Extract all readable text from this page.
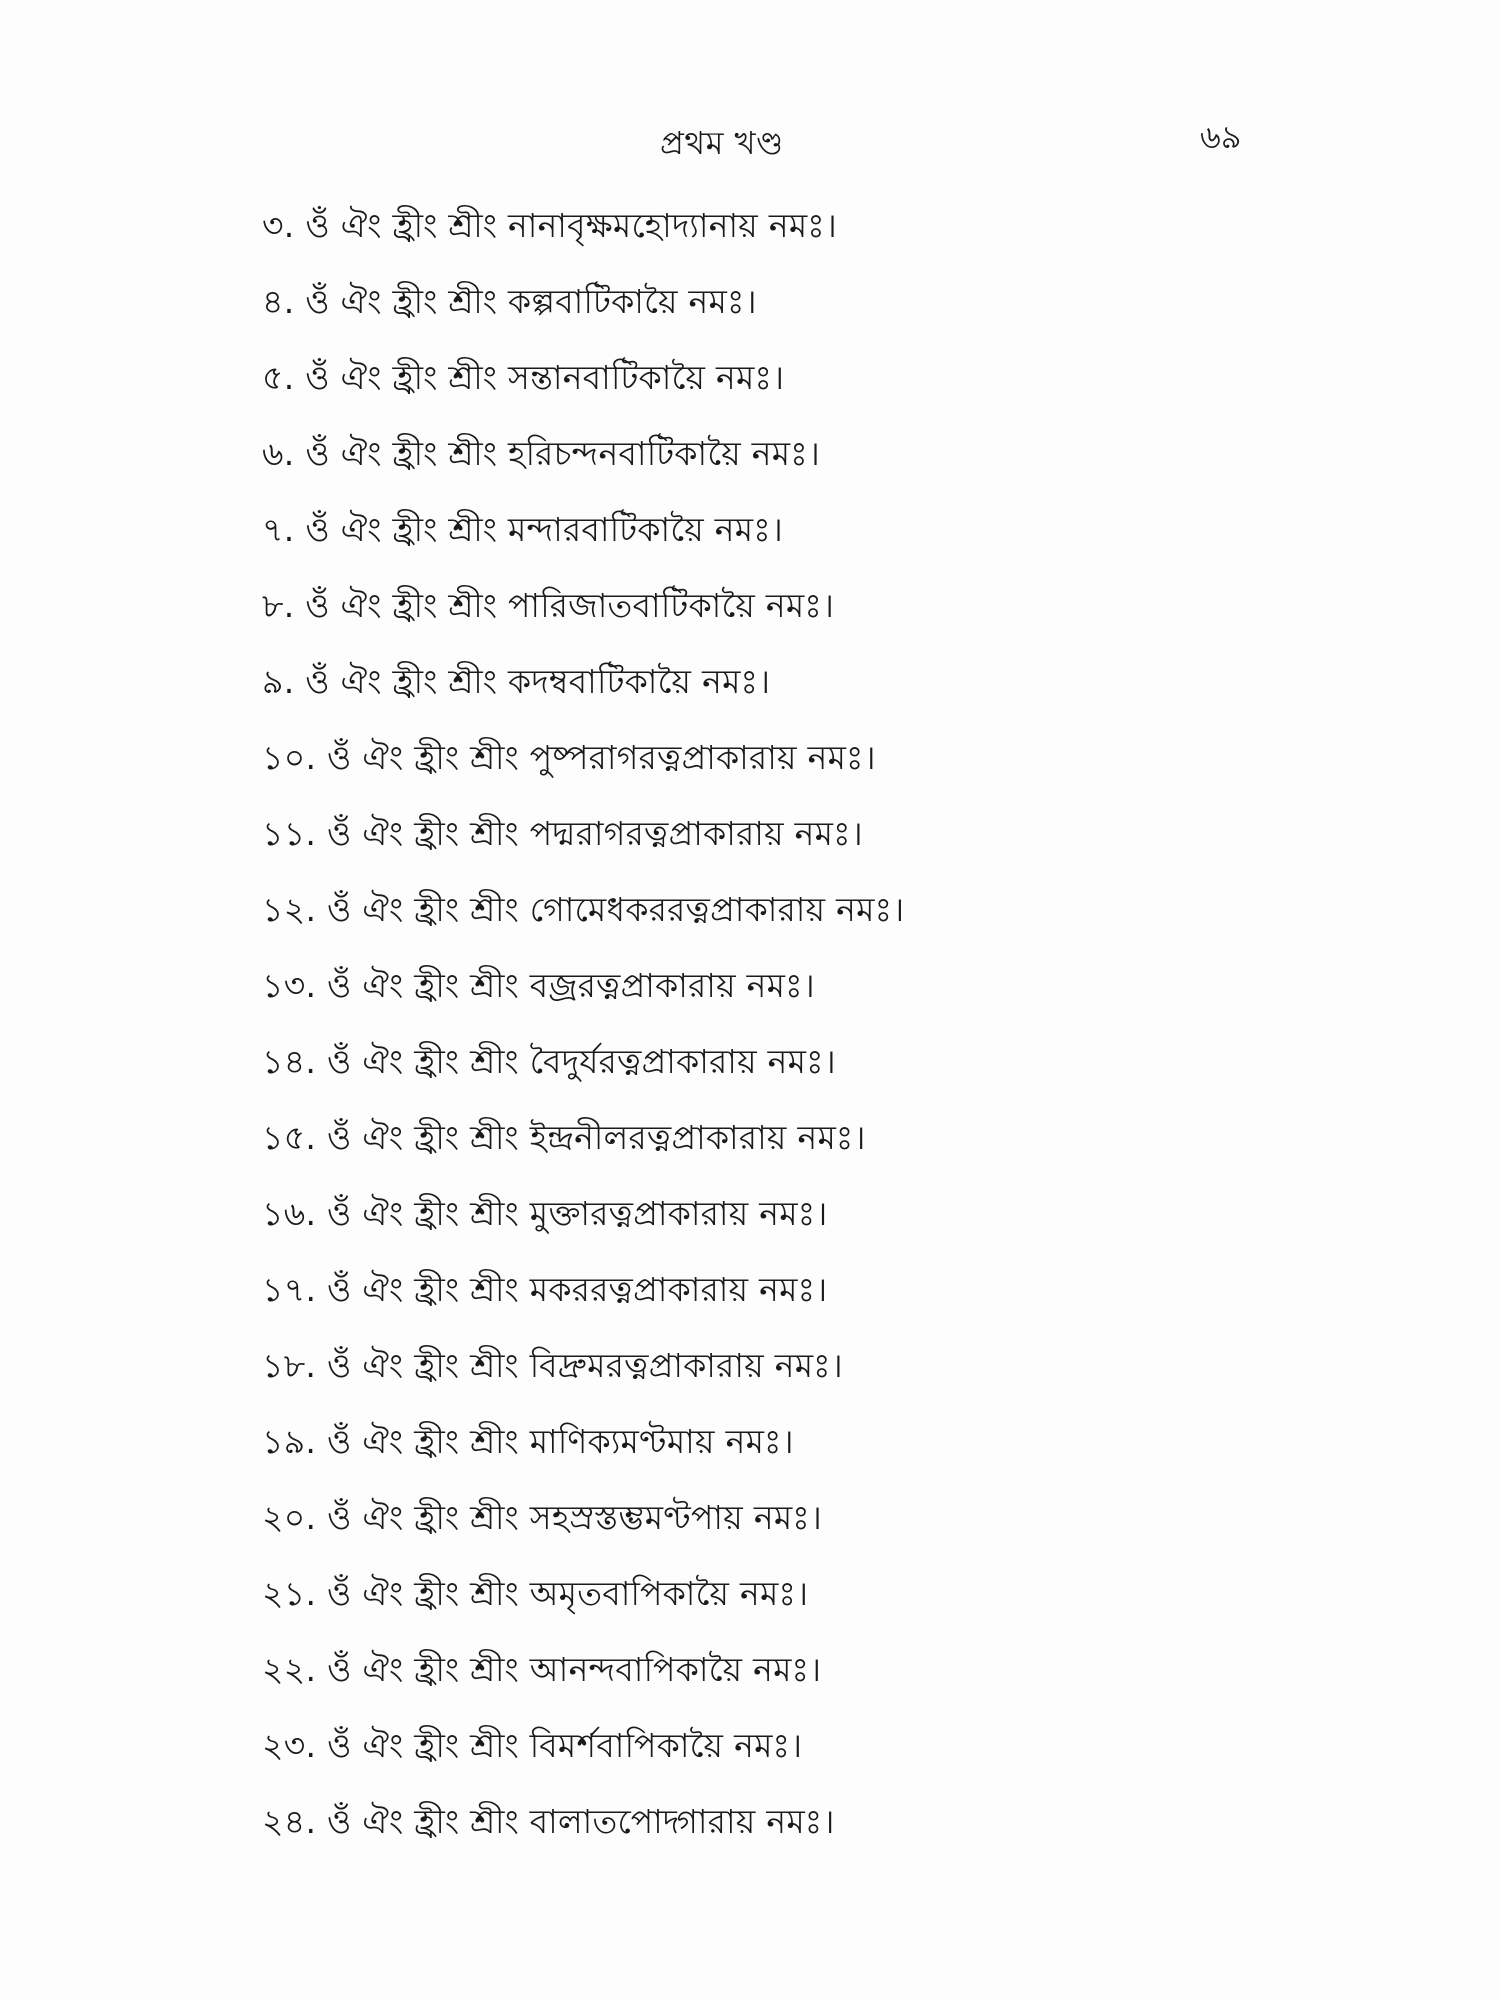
প্রথম খণ্ড	৬৯
৩. ওঁ ঐং হ্রীং শ্রীং নানাবৃক্ষমহোদ্যানায় নমঃ।
৪. ওঁ ঐং হ্রীং শ্রীং কল্পবাটিকায়ৈ নমঃ।
৫. ওঁ ঐং হ্রীং শ্রীং সন্তানবাটিকায়ৈ নমঃ।
৬. ওঁ ঐং হ্রীং শ্রীং হরিচন্দনবাটিকায়ৈ নমঃ।
৭. ওঁ ঐং হ্রীং শ্রীং মন্দারবাটিকায়ৈ নমঃ।
৮. ওঁ ঐং হ্রীং শ্রীং পারিজাতবাটিকায়ৈ নমঃ।
৯. ওঁ ঐং হ্রীং শ্রীং কদম্ববাটিকায়ৈ নমঃ।
১০. ওঁ ঐং হ্রীং শ্রীং পুষ্পরাগরত্নপ্রাকারায় নমঃ।
১১. ওঁ ঐং হ্রীং শ্রীং পদ্মরাগরত্নপ্রাকারায় নমঃ।
১২. ওঁ ঐং হ্রীং শ্রীং গোমেধকররত্নপ্রাকারায় নমঃ।
১৩. ওঁ ঐং হ্রীং শ্রীং বজ্ররত্নপ্রাকারায় নমঃ।
১৪. ওঁ ঐং হ্রীং শ্রীং বৈদুর্যরত্নপ্রাকারায় নমঃ।
১৫. ওঁ ঐং হ্রীং শ্রীং ইন্দ্রনীলরত্নপ্রাকারায় নমঃ।
১৬. ওঁ ঐং হ্রীং শ্রীং মুক্তারত্নপ্রাকারায় নমঃ।
১৭. ওঁ ঐং হ্রীং শ্রীং মকররত্নপ্রাকারায় নমঃ।
১৮. ওঁ ঐং হ্রীং শ্রীং বিদ্রুমরত্নপ্রাকারায় নমঃ।
১৯. ওঁ ঐং হ্রীং শ্রীং মাণিক্যমণ্টমায় নমঃ।
২০. ওঁ ঐং হ্রীং শ্রীং সহস্রস্তম্ভমণ্টপায় নমঃ।
২১. ওঁ ঐং হ্রীং শ্রীং অমৃতবাপিকায়ৈ নমঃ।
২২. ওঁ ঐং হ্রীং শ্রীং আনন্দবাপিকায়ৈ নমঃ।
২৩. ওঁ ঐং হ্রীং শ্রীং বিমর্শবাপিকায়ৈ নমঃ।
২৪. ওঁ ঐং হ্রীং শ্রীং বালাতপোদ্গারায় নমঃ।
